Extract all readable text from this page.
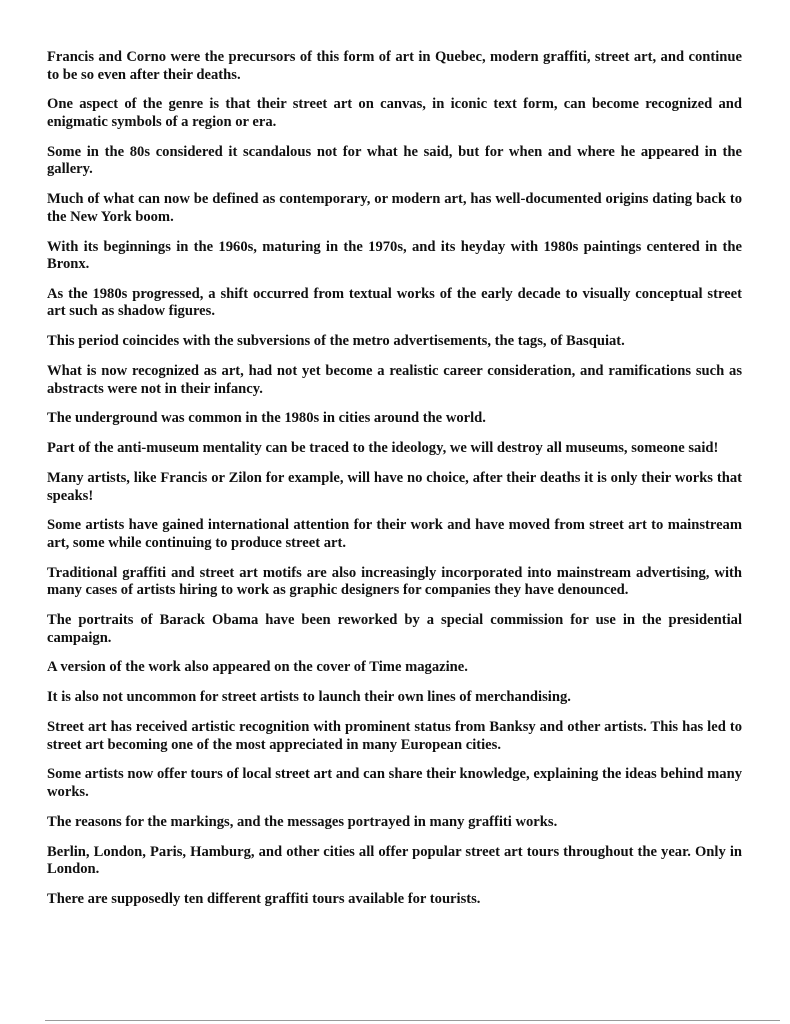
Francis and Corno were the precursors of this form of art in Quebec, modern graffiti, street art, and continue to be so even after their deaths.

One aspect of the genre is that their street art on canvas, in iconic text form, can become recognized and enigmatic symbols of a region or era.

Some in the 80s considered it scandalous not for what he said, but for when and where he appeared in the gallery.

Much of what can now be defined as contemporary, or modern art, has well-documented origins dating back to the New York boom.

With its beginnings in the 1960s, maturing in the 1970s, and its heyday with 1980s paintings centered in the Bronx.

As the 1980s progressed, a shift occurred from textual works of the early decade to visually conceptual street art such as shadow figures.

This period coincides with the subversions of the metro advertisements, the tags, of Basquiat.

What is now recognized as art, had not yet become a realistic career consideration, and ramifications such as abstracts were not in their infancy.

The underground was common in the 1980s in cities around the world.

Part of the anti-museum mentality can be traced to the ideology, we will destroy all museums, someone said!

Many artists, like Francis or Zilon for example, will have no choice, after their deaths it is only their works that speaks!

Some artists have gained international attention for their work and have moved from street art to mainstream art, some while continuing to produce street art.

Traditional graffiti and street art motifs are also increasingly incorporated into mainstream advertising, with many cases of artists hiring to work as graphic designers for companies they have denounced.

The portraits of Barack Obama have been reworked by a special commission for use in the presidential campaign.

A version of the work also appeared on the cover of Time magazine.

It is also not uncommon for street artists to launch their own lines of merchandising.

Street art has received artistic recognition with prominent status from Banksy and other artists. This has led to street art becoming one of the most appreciated in many European cities.

Some artists now offer tours of local street art and can share their knowledge, explaining the ideas behind many works.

The reasons for the markings, and the messages portrayed in many graffiti works.

Berlin, London, Paris, Hamburg, and other cities all offer popular street art tours throughout the year. Only in London.

There are supposedly ten different graffiti tours available for tourists.
